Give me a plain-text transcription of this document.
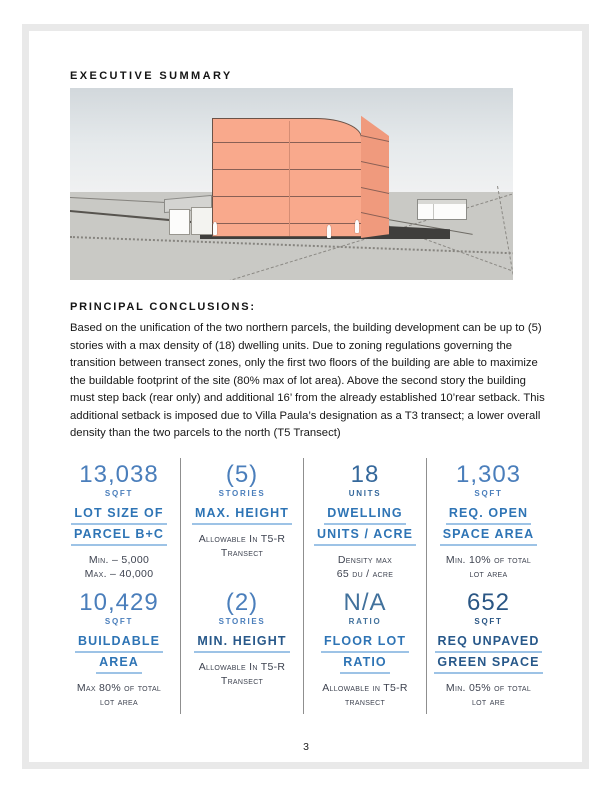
EXECUTIVE SUMMARY
PRINCIPAL CONCLUSIONS:
Based on the unification of the two northern parcels, the building development can be up to (5)
stories with a max density of (18) dwelling units. Due to zoning regulations governing the
transition between transect zones, only the first two floors of the building are able to maximize
the buildable footprint of the site (80% max of lot area). Above the second story the building
must step back (rear only) and additional 16’ from the already established 10’rear setback. This
additional setback is imposed due to Villa Paula’s designation as a T3 transect; a lower overall
density than the two parcels to the north (T5 Transect)
13,038
SQFT
LOT SIZE OF
PARCEL B+C
Min. – 5,000
Max. – 40,000
(5)
STORIES
MAX. HEIGHT
Allowable In T5-R
Transect
18
UNITS
DWELLING
UNITS / ACRE
Density max
65 du / acre
1,303
SQFT
REQ. OPEN
SPACE AREA
Min. 10% of total
lot area
10,429
SQFT
BUILDABLE
AREA
Max 80% of total
lot area
(2)
STORIES
MIN. HEIGHT
Allowable In T5-R
Transect
N/A
RATIO
FLOOR LOT
RATIO
Allowable in T5-R
transect
652
SQFT
REQ UNPAVED
GREEN SPACE
Min. 05% of total
lot are
3
